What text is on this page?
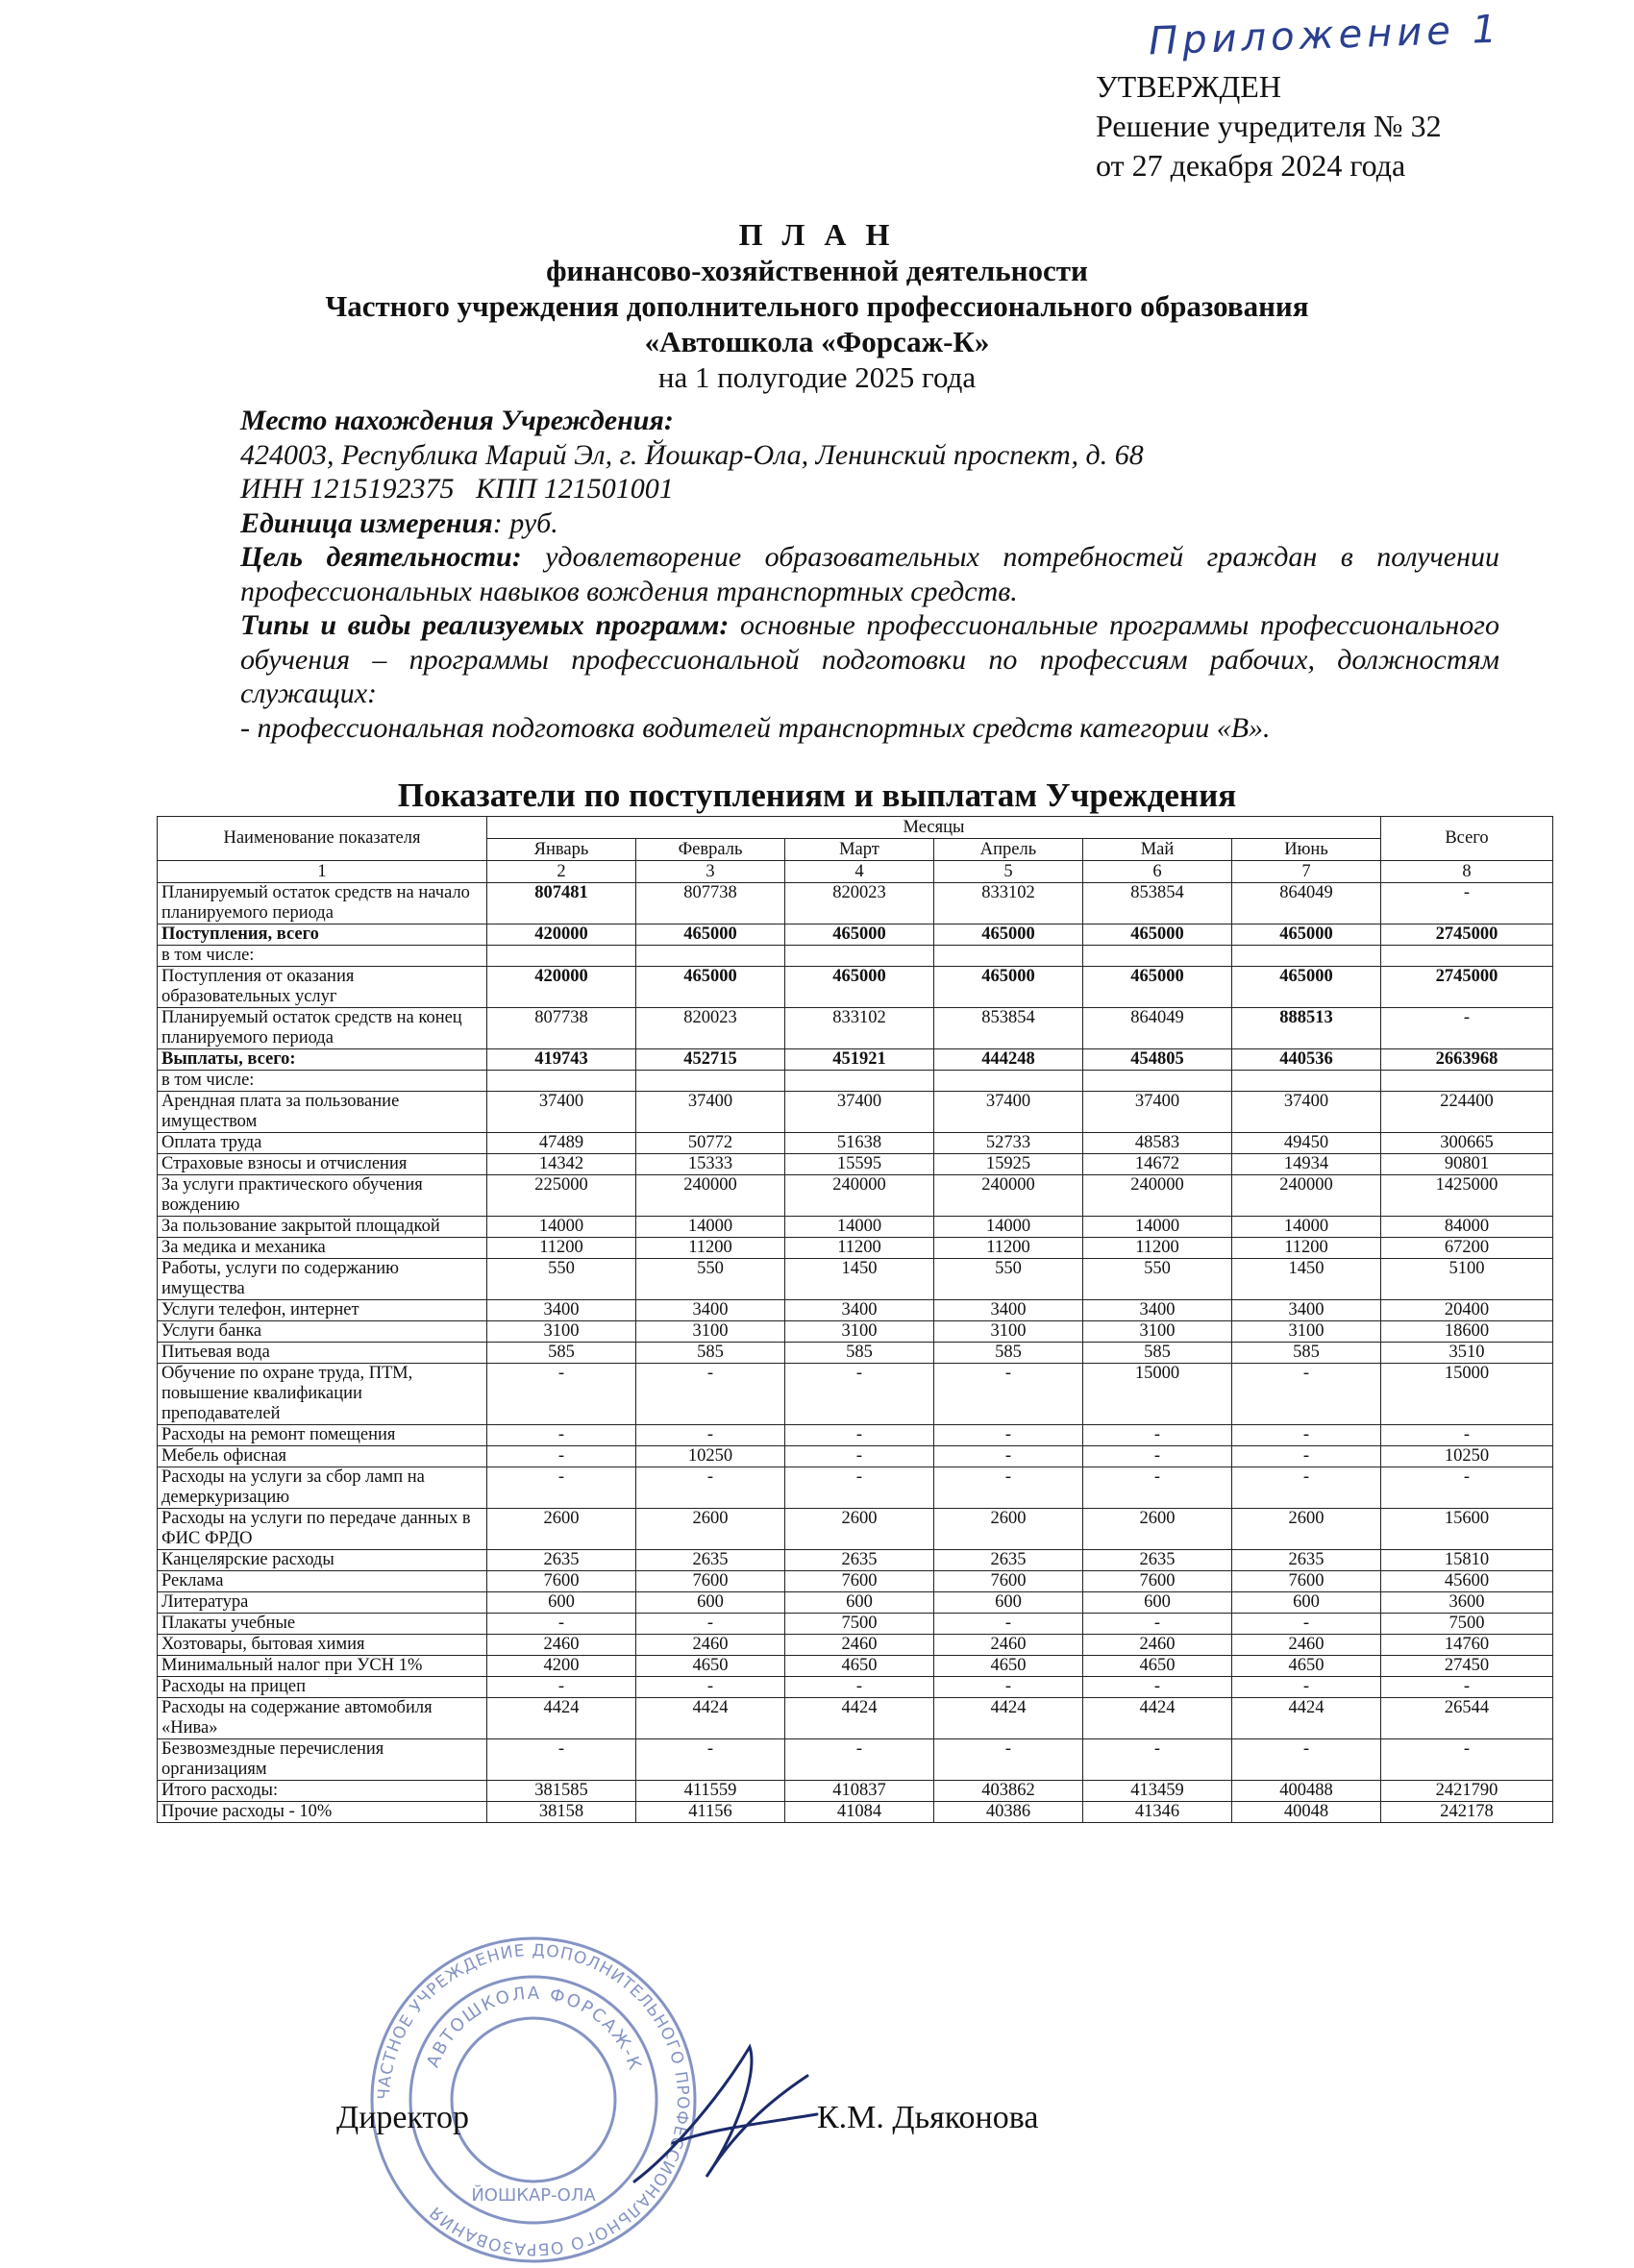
Приложение 1
УТВЕРЖДЕН
Решение учредителя № 32
от 27 декабря 2024 года
П Л А Н
финансово-хозяйственной деятельности
Частного учреждения дополнительного профессионального образования
«Автошкола «Форсаж-К»
на 1 полугодие 2025 года

Место нахождения Учреждения:

424003, Республика Марий Эл, г. Йошкар-Ола, Ленинский проспект, д. 68

ИНН 1215192375 КПП 121501001

Единица измерения: руб.

Цель деятельности: удовлетворение образовательных потребностей граждан в получении профессиональных навыков вождения транспортных средств.

Типы и виды реализуемых программ: основные профессиональные программы профессионального обучения – программы профессиональной подготовки по профессиям рабочих, должностям служащих:

- профессиональная подготовка водителей транспортных средств категории «В».

Показатели по поступлениям и выплатам Учреждения
Наименование показателя	Месяцы						Всего
	Январь	Февраль	Март	Апрель	Май	Июнь	
1	2	3	4	5	6	7	8
Планируемый остаток средств на начало планируемого периода	807481	807738	820023	833102	853854	864049	-
Поступления, всего	420000	465000	465000	465000	465000	465000	2745000
в том числе:							
Поступления от оказания образовательных услуг	420000	465000	465000	465000	465000	465000	2745000
Планируемый остаток средств на конец планируемого периода	807738	820023	833102	853854	864049	888513	-
Выплаты, всего:	419743	452715	451921	444248	454805	440536	2663968
в том числе:							
Арендная плата за пользование имуществом	37400	37400	37400	37400	37400	37400	224400
Оплата труда	47489	50772	51638	52733	48583	49450	300665
Страховые взносы и отчисления	14342	15333	15595	15925	14672	14934	90801
За услуги практического обучения вождению	225000	240000	240000	240000	240000	240000	1425000
За пользование закрытой площадкой	14000	14000	14000	14000	14000	14000	84000
За медика и механика	11200	11200	11200	11200	11200	11200	67200
Работы, услуги по содержанию имущества	550	550	1450	550	550	1450	5100
Услуги телефон, интернет	3400	3400	3400	3400	3400	3400	20400
Услуги банка	3100	3100	3100	3100	3100	3100	18600
Питьевая вода	585	585	585	585	585	585	3510
Обучение по охране труда, ПТМ, повышение квалификации преподавателей	-	-	-	-	15000	-	15000
Расходы на ремонт помещения	-	-	-	-	-	-	-
Мебель офисная	-	10250	-	-	-	-	10250
Расходы на услуги за сбор ламп на демеркуризацию	-	-	-	-	-	-	-
Расходы на услуги по передаче данных в ФИС ФРДО	2600	2600	2600	2600	2600	2600	15600
Канцелярские расходы	2635	2635	2635	2635	2635	2635	15810
Реклама	7600	7600	7600	7600	7600	7600	45600
Литература	600	600	600	600	600	600	3600
Плакаты учебные	-	-	7500	-	-	-	7500
Хозтовары, бытовая химия	2460	2460	2460	2460	2460	2460	14760
Минимальный налог при УСН 1%	4200	4650	4650	4650	4650	4650	27450
Расходы на прицеп	-	-	-	-	-	-	-
Расходы на содержание автомобиля «Нива»	4424	4424	4424	4424	4424	4424	26544
Безвозмездные перечисления организациям	-	-	-	-	-	-	-
Итого расходы:	381585	411559	410837	403862	413459	400488	2421790
Прочие расходы - 10%	38158	41156	41084	40386	41346	40048	242178
ЧАСТНОЕ УЧРЕЖДЕНИЕ ДОПОЛНИТЕЛЬНОГО ПРОФЕССИОНАЛЬНОГО ОБРАЗОВАНИЯ
АВТОШКОЛА ФОРСАЖ-К
ЙОШКАР-ОЛА
Директор	К.М. Дьяконова
